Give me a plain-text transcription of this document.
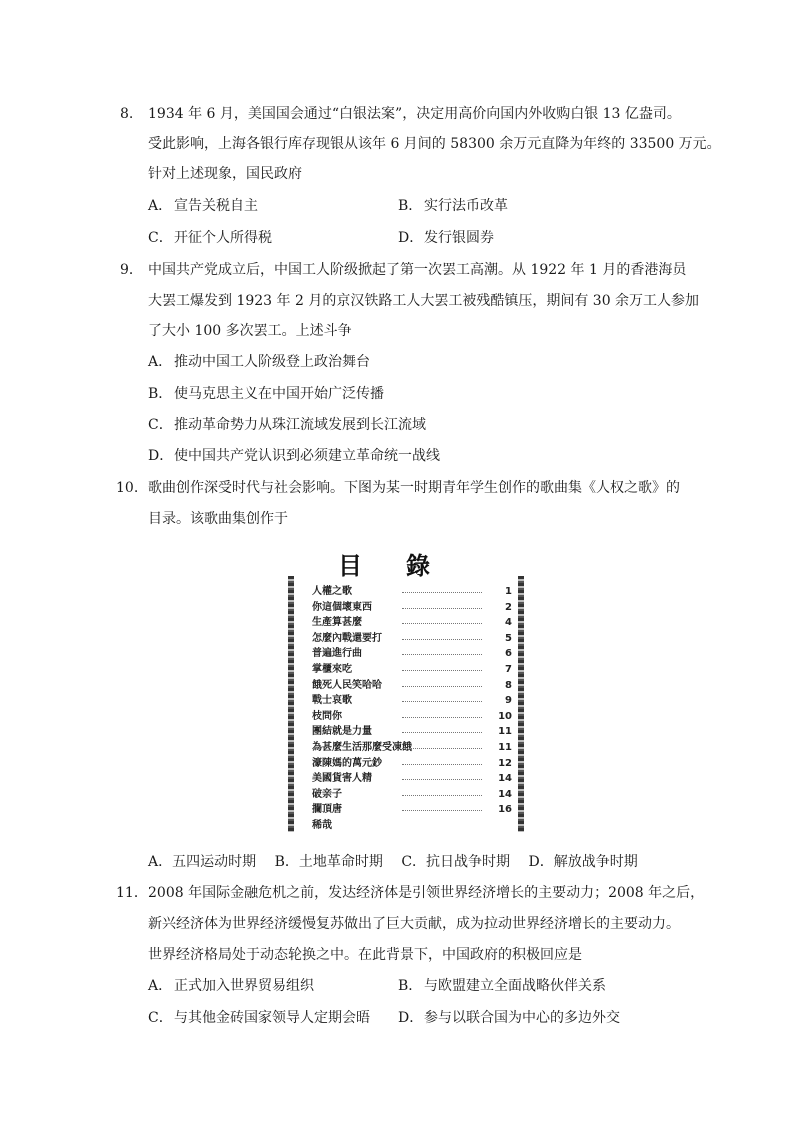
8. 1934 年 6 月，美国国会通过“白银法案”，决定用高价向国内外收购白银 13 亿盎司。
受此影响，上海各银行库存现银从该年 6 月间的 58300 余万元直降为年终的 33500 万元。
针对上述现象，国民政府
A． 宣告关税自主	B． 实行法币改革
C．开征个人所得税	D．发行银圆券
9． 中国共产党成立后，中国工人阶级掀起了第一次罢工高潮。从 1922 年 1 月的香港海员
大罢工爆发到 1923 年 2 月的京汉铁路工人大罢工被残酷镇压，期间有 30 余万工人参加
了大小 100 多次罢工。上述斗争
A． 推动中国工人阶级登上政治舞台
B． 使马克思主义在中国开始广泛传播
C．推动革命势力从珠江流域发展到长江流域
D．使中国共产党认识到必须建立革命统一战线
10. 歌曲创作深受时代与社会影响。下图为某一时期青年学生创作的歌曲集《人权之歌》的
目录。该歌曲集创作于
目錄
人權之歌	1
你這個壞東西	2
生產算甚麼	4
怎麼內戰還要打	5
普遍進行曲	6
掌櫃來吃	7
餓死人民笑哈哈	8
戰士哀歌	9
枝問你	10
團結就是力量	11
為甚麼生活那麼受凍餓	11
濠陳媽的萬元鈔	12
美國貨害人精	14
破亲子	14
攔頂唐	16
稀哉
A．五四运动时期 B．土地革命时期 C．抗日战争时期 D．解放战争时期
11． 2008 年国际金融危机之前，发达经济体是引领世界经济增长的主要动力；2008 年之后，
新兴经济体为世界经济缓慢复苏做出了巨大贡献，成为拉动世界经济增长的主要动力。
世界经济格局处于动态轮换之中。在此背景下，中国政府的积极回应是
A． 正式加入世界贸易组织	B． 与欧盟建立全面战略伙伴关系
C．与其他金砖国家领导人定期会晤 D．参与以联合国为中心的多边外交
